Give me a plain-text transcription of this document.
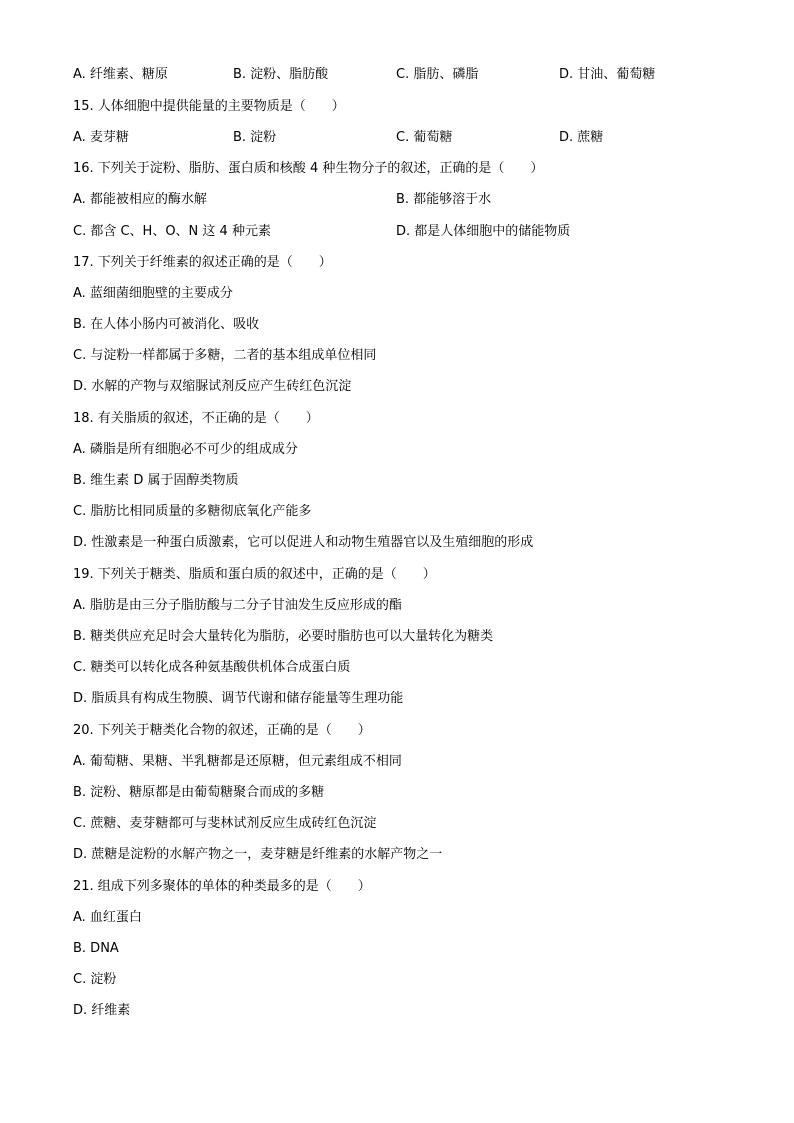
A. 纤维素、糖原	B. 淀粉、脂肪酸	C. 脂肪、磷脂	D. 甘油、葡萄糖
15. 人体细胞中提供能量的主要物质是（　　）
A. 麦芽糖	B. 淀粉	C. 葡萄糖	D. 蔗糖
16. 下列关于淀粉、脂肪、蛋白质和核酸 4 种生物分子的叙述，正确的是（　　）
A. 都能被相应的酶水解	B. 都能够溶于水
C. 都含 C、H、O、N 这 4 种元素	D. 都是人体细胞中的储能物质
17. 下列关于纤维素的叙述正确的是（　　）
A. 蓝细菌细胞壁的主要成分
B. 在人体小肠内可被消化、吸收
C. 与淀粉一样都属于多糖，二者的基本组成单位相同
D. 水解的产物与双缩脲试剂反应产生砖红色沉淀
18. 有关脂质的叙述，不正确的是（　　）
A. 磷脂是所有细胞必不可少的组成成分
B. 维生素 D 属于固醇类物质
C. 脂肪比相同质量的多糖彻底氧化产能多
D. 性激素是一种蛋白质激素，它可以促进人和动物生殖器官以及生殖细胞的形成
19. 下列关于糖类、脂质和蛋白质的叙述中，正确的是（　　）
A. 脂肪是由三分子脂肪酸与二分子甘油发生反应形成的酯
B. 糖类供应充足时会大量转化为脂肪，必要时脂肪也可以大量转化为糖类
C. 糖类可以转化成各种氨基酸供机体合成蛋白质
D. 脂质具有构成生物膜、调节代谢和储存能量等生理功能
20. 下列关于糖类化合物的叙述，正确的是（　　）
A. 葡萄糖、果糖、半乳糖都是还原糖，但元素组成不相同
B. 淀粉、糖原都是由葡萄糖聚合而成的多糖
C. 蔗糖、麦芽糖都可与斐林试剂反应生成砖红色沉淀
D. 蔗糖是淀粉的水解产物之一，麦芽糖是纤维素的水解产物之一
21. 组成下列多聚体的单体的种类最多的是（　　）
A. 血红蛋白
B. DNA
C. 淀粉
D. 纤维素
